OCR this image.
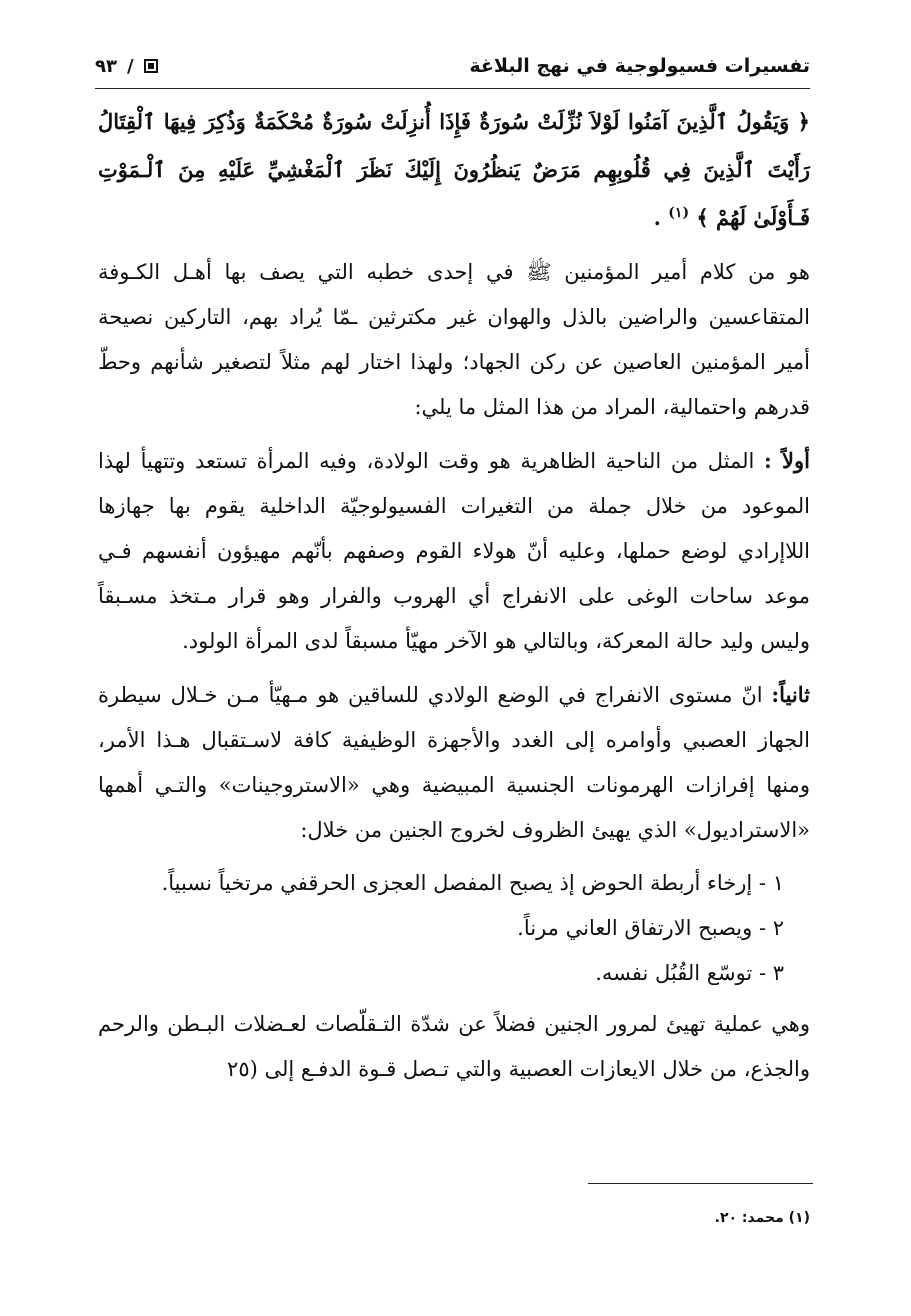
تفسيرات فسيولوجية في نهج البلاغة
٩٣ /

﴿ وَيَقُولُ ٱلَّذِينَ آمَنُوا لَوْلاَ نُزِّلَتْ سُورَةٌ فَإِذَا أُنزِلَتْ سُورَةٌ مُحْكَمَةٌ وَذُكِرَ فِيهَا ٱلْقِتَالُ رَأَيْتَ ٱلَّذِينَ فِي قُلُوبِهِم مَرَضٌ يَنظُرُونَ إِلَيْكَ نَظَرَ ٱلْمَغْشِيِّ عَلَيْهِ مِنَ ٱلْـمَوْتِ فَـأَوْلَىٰ لَهُمْ ﴾ $^{(١)}$ .

هو من كلام أمير المؤمنين ﷺ في إحدى خطبه التي يصف بها أهـل الكـوفة المتقاعسين والراضين بالذل والهوان غير مكترثين ـمّا يُراد بهم، التاركين نصيحة أمير المؤمنين العاصين عن ركن الجهاد؛ ولهذا اختار لهم مثلاً لتصغير شأنهم وحطّ قدرهم واحتمالية، المراد من هذا المثل ما يلي:

أولاً : المثل من الناحية الظاهرية هو وقت الولادة، وفيه المرأة تستعد وتتهيأ لهذا الموعود من خلال جملة من التغيرات الفسيولوجيّة الداخلية يقوم بها جهازها اللاإرادي لوضع حملها، وعليه أنّ هولاء القوم وصفهم بأنّهم مهيؤون أنفسهم فـي موعد ساحات الوغى على الانفراج أي الهروب والفرار وهو قرار مـتخذ مسـبقاً وليس وليد حالة المعركة، وبالتالي هو الآخر مهيّأ مسبقاً لدى المرأة الولود.

ثانياً: انّ مستوى الانفراج في الوضع الولادي للساقين هو مـهيّأ مـن خـلال سيطرة الجهاز العصبي وأوامره إلى الغدد والأجهزة الوظيفية كافة لاسـتقبال هـذا الأمر، ومنها إفرازات الهرمونات الجنسية المبيضية وهي «الاستروجينات» والتـي أهمها «الاستراديول» الذي يهيئ الظروف لخروج الجنين من خلال:

١ - إرخاء أربطة الحوض إذ يصبح المفصل العجزى الحرقفي مرتخياً نسبياً.

٢ - ويصبح الارتفاق العاني مرناً.

٣ - توسّع القُبُل نفسه.

وهي عملية تهيئ لمرور الجنين فضلاً عن شدّة التـقلّصات لعـضلات البـطن والرحم والجذع، من خلال الايعازات العصبية والتي تـصل قـوة الدفـع إلى (٢٥

(١) محمد: ٢٠.
